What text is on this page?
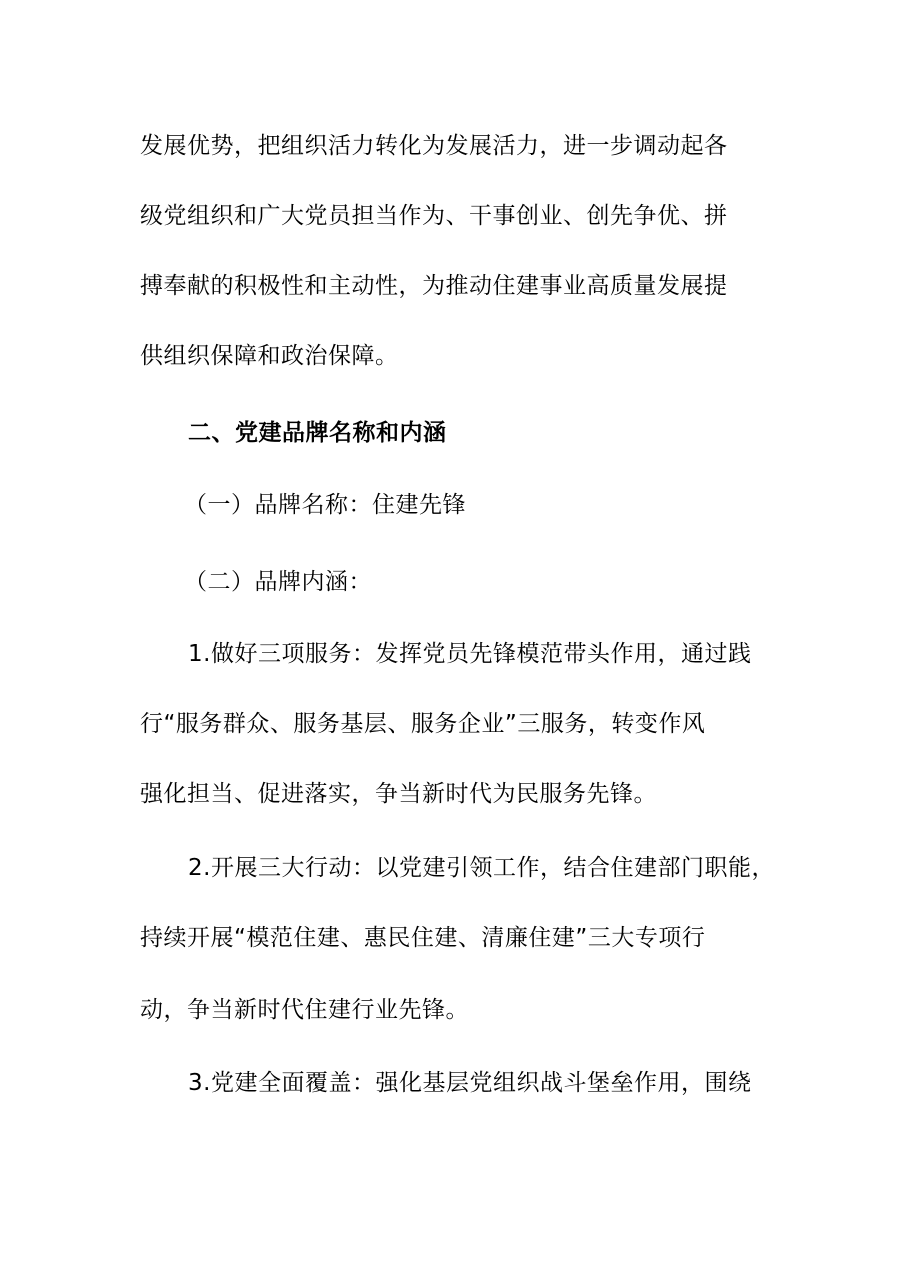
发展优势，把组织活力转化为发展活力，进一步调动起各
级党组织和广大党员担当作为、干事创业、创先争优、拼
搏奉献的积极性和主动性，为推动住建事业高质量发展提
供组织保障和政治保障。
二、党建品牌名称和内涵
（一）品牌名称：住建先锋
（二）品牌内涵：
1.做好三项服务：发挥党员先锋模范带头作用，通过践
行“服务群众、服务基层、服务企业”三服务，转变作风
强化担当、促进落实，争当新时代为民服务先锋。
2.开展三大行动：以党建引领工作，结合住建部门职能，
持续开展“模范住建、惠民住建、清廉住建”三大专项行
动，争当新时代住建行业先锋。
3.党建全面覆盖：强化基层党组织战斗堡垒作用，围绕
